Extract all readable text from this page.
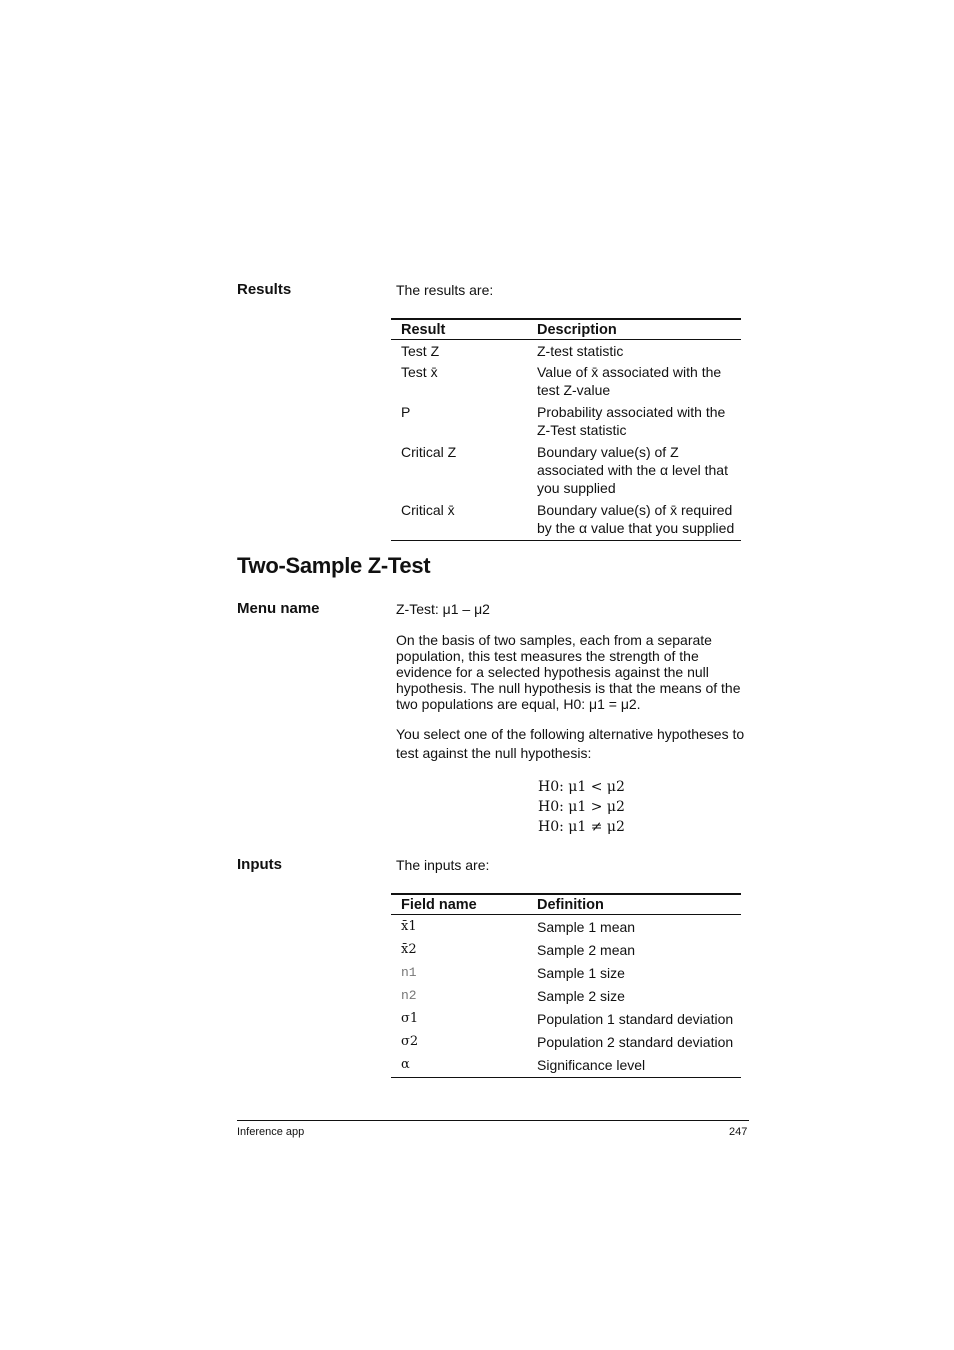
Results	The results are:
Result	Description
Test Z	Z-test statistic
Test x̄	Value of x̄ associated with the test Z-value
P	Probability associated with the Z-Test statistic
Critical Z	Boundary value(s) of Z associated with the α level that you supplied
Critical x̄	Boundary value(s) of x̄ required by the α value that you supplied
Two-Sample Z-Test
Menu name	Z-Test: μ1 – μ2
On the basis of two samples, each from a separate population, this test measures the strength of the evidence for a selected hypothesis against the null hypothesis. The null hypothesis is that the means of the two populations are equal, H0: μ1 = μ2.
You select one of the following alternative hypotheses to test against the null hypothesis:
H0: μ1 < μ2
H0: μ1 > μ2
H0: μ1 ≠ μ2
Inputs	The inputs are:
Field name	Definition
x̄1	Sample 1 mean
x̄2	Sample 2 mean
n1	Sample 1 size
n2	Sample 2 size
σ1	Population 1 standard deviation
σ2	Population 2 standard deviation
α	Significance level
Inference app	247
